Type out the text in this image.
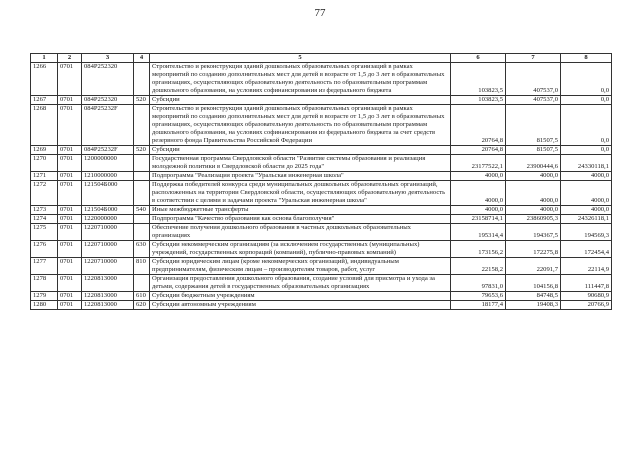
77
1	2	3	4	5	6	7	8
1266	0701	084P252320		Строительство и реконструкция зданий дошкольных образовательных организаций в рамках мероприятий по созданию дополнительных мест для детей в возрасте от 1,5 до 3 лет в образовательных организациях, осуществляющих образовательную деятельность по образовательным программам дошкольного образования, на условиях софинансирования из федерального бюджета	103823,5	407537,0	0,0
1267	0701	084P252320	520	Субсидии	103823,5	407537,0	0,0
1268	0701	084P25232F		Строительство и реконструкция зданий дошкольных образовательных организаций в рамках мероприятий по созданию дополнительных мест для детей в возрасте от 1,5 до 3 лет в образовательных организациях, осуществляющих образовательную деятельность по образовательным программам дошкольного образования, на условиях софинансирования из федерального бюджета за счет средств резервного фонда Правительства Российской Федерации	20764,8	81507,5	0,0
1269	0701	084P25232F	520	Субсидии	20764,8	81507,5	0,0
1270	0701	1200000000		Государственная программа Свердловской области "Развитие системы образования и реализация молодежной политики в Свердловской области до 2025 года"	23177522,1	23900444,6	24330118,1
1271	0701	1210000000		Подпрограмма "Реализация проекта "Уральская инженерная школа"	4000,0	4000,0	4000,0
1272	0701	121504Б000		Поддержка победителей конкурса среди муниципальных дошкольных образовательных организаций, расположенных на территории Свердловской области, осуществляющих образовательную деятельность в соответствии с целями и задачами проекта "Уральская инженерная школа"	4000,0	4000,0	4000,0
1273	0701	121504Б000	540	Иные межбюджетные трансферты	4000,0	4000,0	4000,0
1274	0701	1220000000		Подпрограмма "Качество образования как основа благополучия"	23158714,1	23860905,3	24326118,1
1275	0701	1220710000		Обеспечение получения дошкольного образования в частных дошкольных образовательных организациях	195314,4	194367,5	194569,3
1276	0701	1220710000	630	Субсидии некоммерческим организациям (за исключением государственных (муниципальных) учреждений, государственных корпораций (компаний), публично-правовых компаний)	173156,2	172275,8	172454,4
1277	0701	1220710000	810	Субсидии юридическим лицам (кроме некоммерческих организаций), индивидуальным предпринимателям, физическим лицам – производителям товаров, работ, услуг	22158,2	22091,7	22114,9
1278	0701	1220813000		Организация предоставления дошкольного образования, создание условий для присмотра и ухода за детьми, содержания детей в государственных образовательных организациях	97831,0	104156,8	111447,8
1279	0701	1220813000	610	Субсидии бюджетным учреждениям	79653,6	84748,5	90680,9
1280	0701	1220813000	620	Субсидии автономным учреждениям	18177,4	19408,3	20766,9
